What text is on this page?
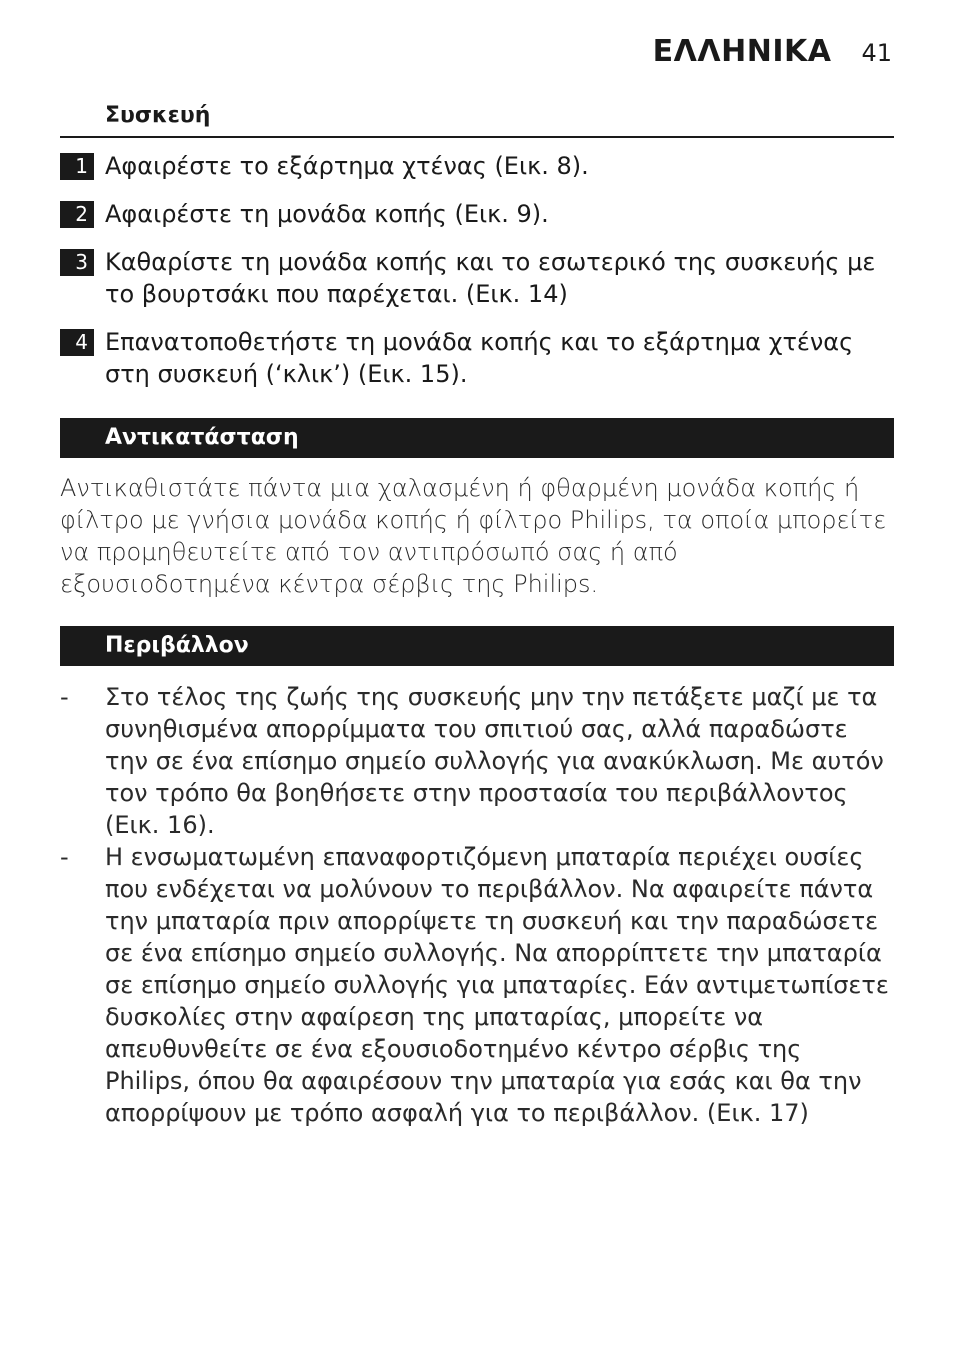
ΕΛΛΗΝΙΚΑ 41
Συσκευή
1 Αφαιρέστε το εξάρτημα χτένας (Εικ. 8).
2 Αφαιρέστε τη μονάδα κοπής (Εικ. 9).
3 Καθαρίστε τη μονάδα κοπής και το εσωτερικό της συσκευής με το βουρτσάκι που παρέχεται. (Εικ. 14)
4 Επανατοποθετήστε τη μονάδα κοπής και το εξάρτημα χτένας στη συσκευή (‘κλικ’) (Εικ. 15).
Αντικατάσταση
Αντικαθιστάτε πάντα μια χαλασμένη ή φθαρμένη μονάδα κοπής ή φίλτρο με γνήσια μονάδα κοπής ή φίλτρο Philips, τα οποία μπορείτε να προμηθευτείτε από τον αντιπρόσωπό σας ή από εξουσιοδοτημένα κέντρα σέρβις της Philips.
Περιβάλλον
-	Στο τέλος της ζωής της συσκευής μην την πετάξετε μαζί με τα συνηθισμένα απορρίμματα του σπιτιού σας, αλλά παραδώστε την σε ένα επίσημο σημείο συλλογής για ανακύκλωση. Με αυτόν τον τρόπο θα βοηθήσετε στην προστασία του περιβάλλοντος (Εικ. 16).
-	Η ενσωματωμένη επαναφορτιζόμενη μπαταρία περιέχει ουσίες που ενδέχεται να μολύνουν το περιβάλλον. Να αφαιρείτε πάντα την μπαταρία πριν απορρίψετε τη συσκευή και την παραδώσετε σε ένα επίσημο σημείο συλλογής. Να απορρίπτετε την μπαταρία σε επίσημο σημείο συλλογής για μπαταρίες. Εάν αντιμετωπίσετε δυσκολίες στην αφαίρεση της μπαταρίας, μπορείτε να απευθυνθείτε σε ένα εξουσιοδοτημένο κέντρο σέρβις της Philips, όπου θα αφαιρέσουν την μπαταρία για εσάς και θα την απορρίψουν με τρόπο ασφαλή για το περιβάλλον. (Εικ. 17)
